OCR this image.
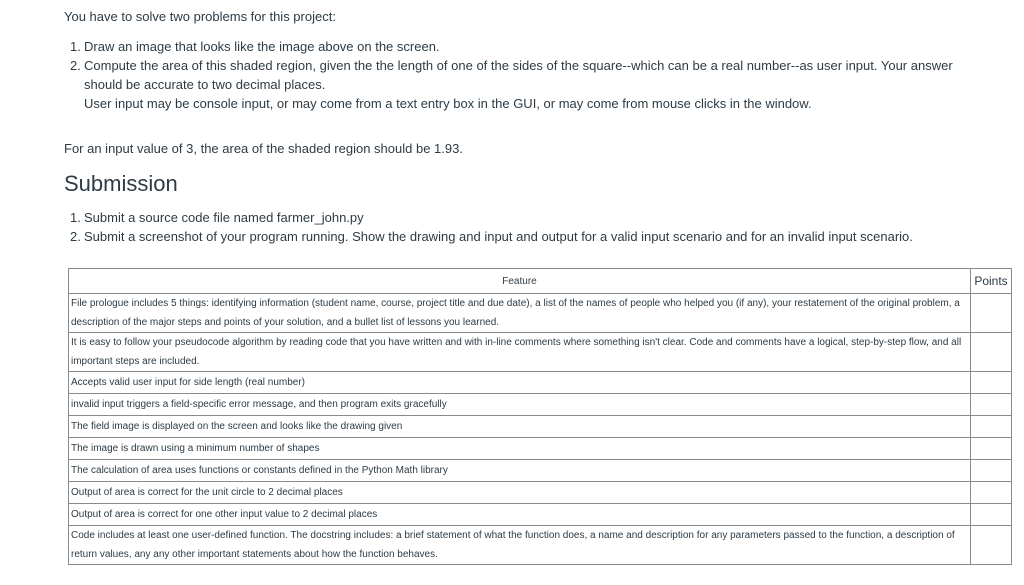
You have to solve two problems for this project:

1. Draw an image that looks like the image above on the screen.
2. Compute the area of this shaded region, given the the length of one of the sides of the square--which can be a real number--as user input. Your answer should be accurate to two decimal places.
User input may be console input, or may come from a text entry box in the GUI, or may come from mouse clicks in the window.

For an input value of 3, the area of the shaded region should be 1.93.

Submission
1. Submit a source code file named farmer_john.py
2. Submit a screenshot of your program running. Show the drawing and input and output for a valid input scenario and for an invalid input scenario.
Feature	Points
File prologue includes 5 things: identifying information (student name, course, project title and due date), a list of the names of people who helped you (if any), your restatement of the original problem, a description of the major steps and points of your solution, and a bullet list of lessons you learned.	
It is easy to follow your pseudocode algorithm by reading code that you have written and with in-line comments where something isn't clear. Code and comments have a logical, step-by-step flow, and all important steps are included.	
Accepts valid user input for side length (real number)	
invalid input triggers a field-specific error message, and then program exits gracefully	
The field image is displayed on the screen and looks like the drawing given	
The image is drawn using a minimum number of shapes	
The calculation of area uses functions or constants defined in the Python Math library	
Output of area is correct for the unit circle to 2 decimal places	
Output of area is correct for one other input value to 2 decimal places	
Code includes at least one user-defined function. The docstring includes: a brief statement of what the function does, a name and description for any parameters passed to the function, a description of return values, any any other important statements about how the function behaves.	
